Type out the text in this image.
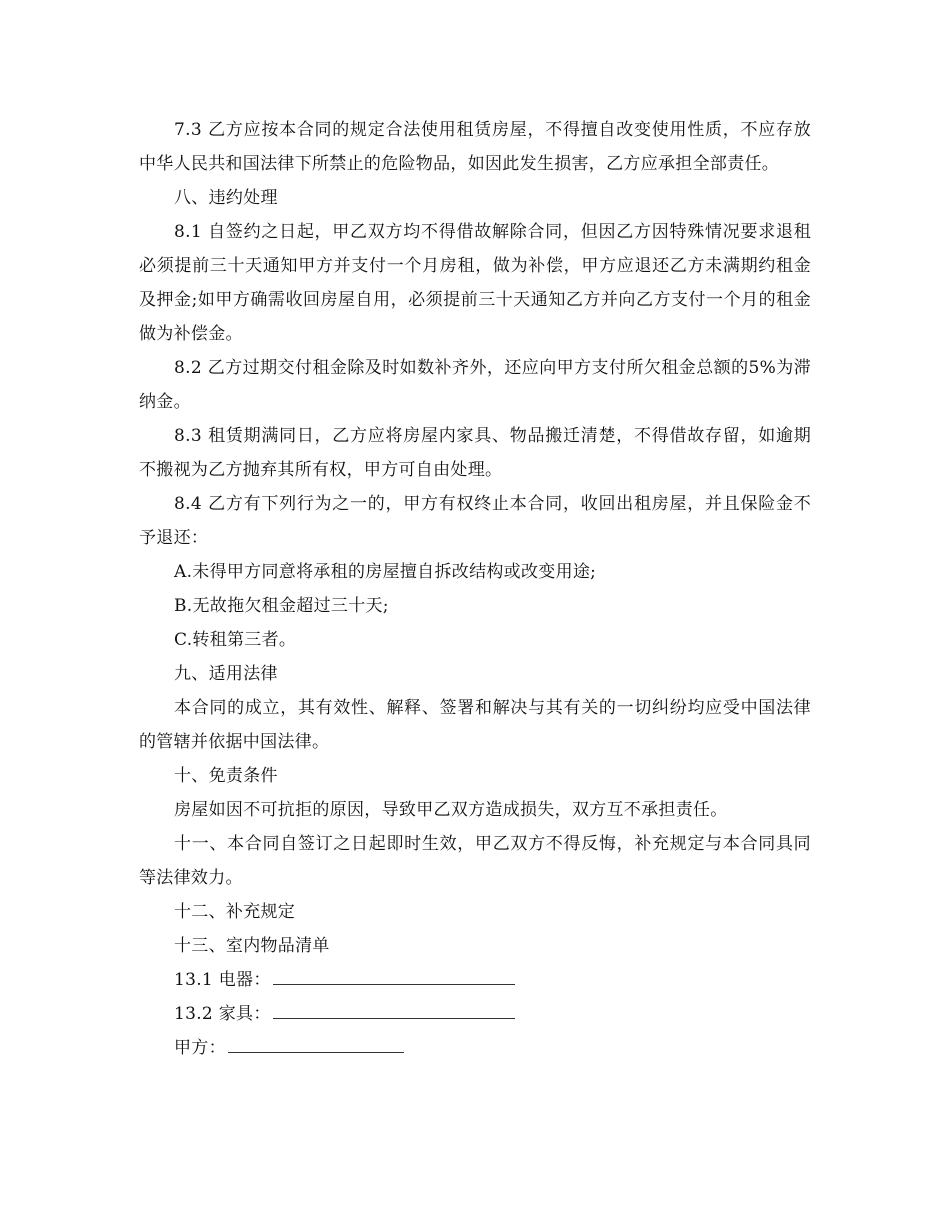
7.3 乙方应按本合同的规定合法使用租赁房屋，不得擅自改变使用性质，不应存放中华人民共和国法律下所禁止的危险物品，如因此发生损害，乙方应承担全部责任。

八、违约处理

8.1 自签约之日起，甲乙双方均不得借故解除合同，但因乙方因特殊情况要求退租必须提前三十天通知甲方并支付一个月房租，做为补偿，甲方应退还乙方未满期约租金及押金;如甲方确需收回房屋自用，必须提前三十天通知乙方并向乙方支付一个月的租金做为补偿金。

8.2 乙方过期交付租金除及时如数补齐外，还应向甲方支付所欠租金总额的5%为滞纳金。

8.3 租赁期满同日，乙方应将房屋内家具、物品搬迁清楚，不得借故存留，如逾期不搬视为乙方抛弃其所有权，甲方可自由处理。

8.4 乙方有下列行为之一的，甲方有权终止本合同，收回出租房屋，并且保险金不予退还：

A.未得甲方同意将承租的房屋擅自拆改结构或改变用途;

B.无故拖欠租金超过三十天;

C.转租第三者。

九、适用法律

本合同的成立，其有效性、解释、签署和解决与其有关的一切纠纷均应受中国法律的管辖并依据中国法律。

十、免责条件

房屋如因不可抗拒的原因，导致甲乙双方造成损失，双方互不承担责任。

十一、本合同自签订之日起即时生效，甲乙双方不得反悔，补充规定与本合同具同等法律效力。

十二、补充规定

十三、室内物品清单

13.1 电器：

13.2 家具：

甲方：
